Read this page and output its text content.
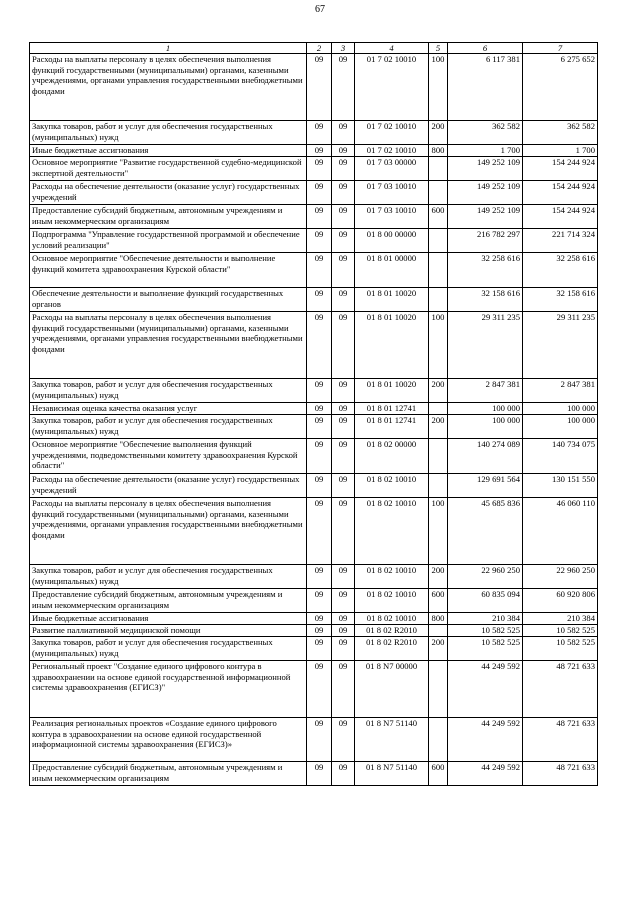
67
1	2	3	4	5	6	7
Расходы на выплаты персоналу в целях обеспечения выполнения функций государственными (муниципальными) органами, казенными учреждениями, органами управления государственными внебюджетными фондами	09	09	01 7 02 10010	100	6 117 381	6 275 652
Закупка товаров, работ и услуг для обеспечения государственных (муниципальных) нужд	09	09	01 7 02 10010	200	362 582	362 582
Иные бюджетные ассигнования	09	09	01 7 02 10010	800	1 700	1 700
Основное мероприятие "Развитие государственной судебно-медицинской экспертной деятельности"	09	09	01 7 03 00000		149 252 109	154 244 924
Расходы на обеспечение деятельности (оказание услуг) государственных учреждений	09	09	01 7 03 10010		149 252 109	154 244 924
Предоставление субсидий бюджетным, автономным учреждениям и иным некоммерческим организациям	09	09	01 7 03 10010	600	149 252 109	154 244 924
Подпрограмма "Управление государственной программой и обеспечение условий реализации"	09	09	01 8 00 00000		216 782 297	221 714 324
Основное мероприятие "Обеспечение деятельности и выполнение функций комитета здравоохранения Курской области"	09	09	01 8 01 00000		32 258 616	32 258 616
Обеспечение деятельности и выполнение функций государственных органов	09	09	01 8 01 10020		32 158 616	32 158 616
Расходы на выплаты персоналу в целях обеспечения выполнения функций государственными (муниципальными) органами, казенными учреждениями, органами управления государственными внебюджетными фондами	09	09	01 8 01 10020	100	29 311 235	29 311 235
Закупка товаров, работ и услуг для обеспечения государственных (муниципальных) нужд	09	09	01 8 01 10020	200	2 847 381	2 847 381
Независимая оценка качества оказания услуг	09	09	01 8 01 12741		100 000	100 000
Закупка товаров, работ и услуг для обеспечения государственных (муниципальных) нужд	09	09	01 8 01 12741	200	100 000	100 000
Основное мероприятие "Обеспечение выполнения функций учреждениями, подведомственными комитету здравоохранения Курской области"	09	09	01 8 02 00000		140 274 089	140 734 075
Расходы на обеспечение деятельности (оказание услуг) государственных учреждений	09	09	01 8 02 10010		129 691 564	130 151 550
Расходы на выплаты персоналу в целях обеспечения выполнения функций государственными (муниципальными) органами, казенными учреждениями, органами управления государственными внебюджетными фондами	09	09	01 8 02 10010	100	45 685 836	46 060 110
Закупка товаров, работ и услуг для обеспечения государственных (муниципальных) нужд	09	09	01 8 02 10010	200	22 960 250	22 960 250
Предоставление субсидий бюджетным, автономным учреждениям и иным некоммерческим организациям	09	09	01 8 02 10010	600	60 835 094	60 920 806
Иные бюджетные ассигнования	09	09	01 8 02 10010	800	210 384	210 384
Развитие паллиативной медицинской помощи	09	09	01 8 02 R2010		10 582 525	10 582 525
Закупка товаров, работ и услуг для обеспечения государственных (муниципальных) нужд	09	09	01 8 02 R2010	200	10 582 525	10 582 525
Региональный проект "Создание единого цифрового контура в здравоохранении на основе единой государственной информационной системы здравоохранения (ЕГИСЗ)"	09	09	01 8 N7 00000		44 249 592	48 721 633
Реализация региональных проектов «Создание единого цифрового контура в здравоохранении на основе единой государственной информационной системы здравоохранения (ЕГИСЗ)»	09	09	01 8 N7 51140		44 249 592	48 721 633
Предоставление субсидий бюджетным, автономным учреждениям и иным некоммерческим организациям	09	09	01 8 N7 51140	600	44 249 592	48 721 633
